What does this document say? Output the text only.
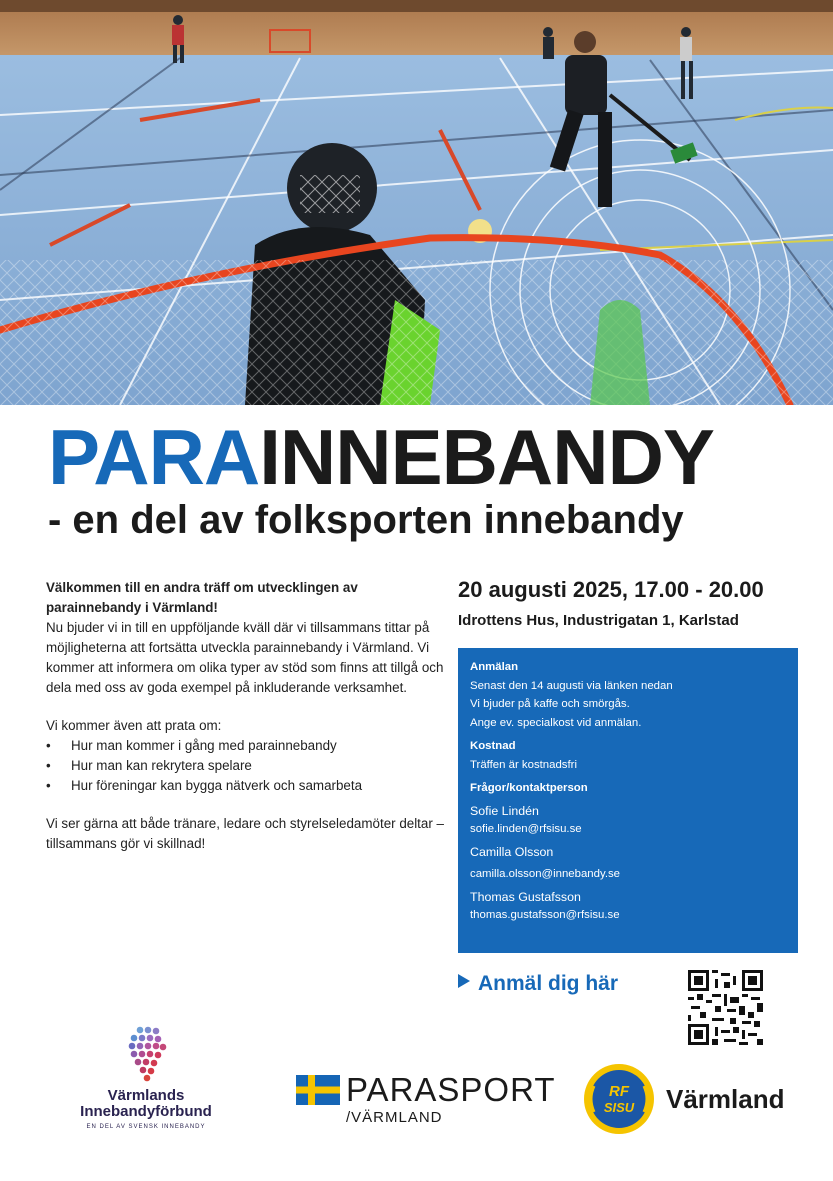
PARAINNEBANDY
- en del av folksporten innebandy

Välkommen till en andra träff om utvecklingen av parainnebandy i Värmland!

Nu bjuder vi in till en uppföljande kväll där vi tillsammans tittar på möjligheterna att fortsätta utveckla parainnebandy i Värmland. Vi kommer att informera om olika typer av stöd som finns att tillgå och dela med oss av goda exempel på inkluderande verksamhet.

Vi kommer även att prata om:

• Hur man kommer i gång med parainnebandy
• Hur man kan rekrytera spelare
• Hur föreningar kan bygga nätverk och samarbeta

Vi ser gärna att både tränare, ledare och styrelseledamöter deltar – tillsammans gör vi skillnad!

20 augusti 2025, 17.00 - 20.00
Idrottens Hus, Industrigatan 1, Karlstad
Anmälan
Senast den 14 augusti via länken nedan
Vi bjuder på kaffe och smörgås.
Ange ev. specialkost vid anmälan.
Kostnad
Träffen är kostnadsfri
Frågor/kontaktperson
Sofie Lindén
sofie.linden@rfsisu.se
Camilla Olsson
camilla.olsson@innebandy.se
Thomas Gustafsson
thomas.gustafsson@rfsisu.se
Anmäl dig här
Värmlands
Innebandyförbund
EN DEL AV SVENSK INNEBANDY
PARASPORT
/VÄRMLAND
RF
SISU Värmland
